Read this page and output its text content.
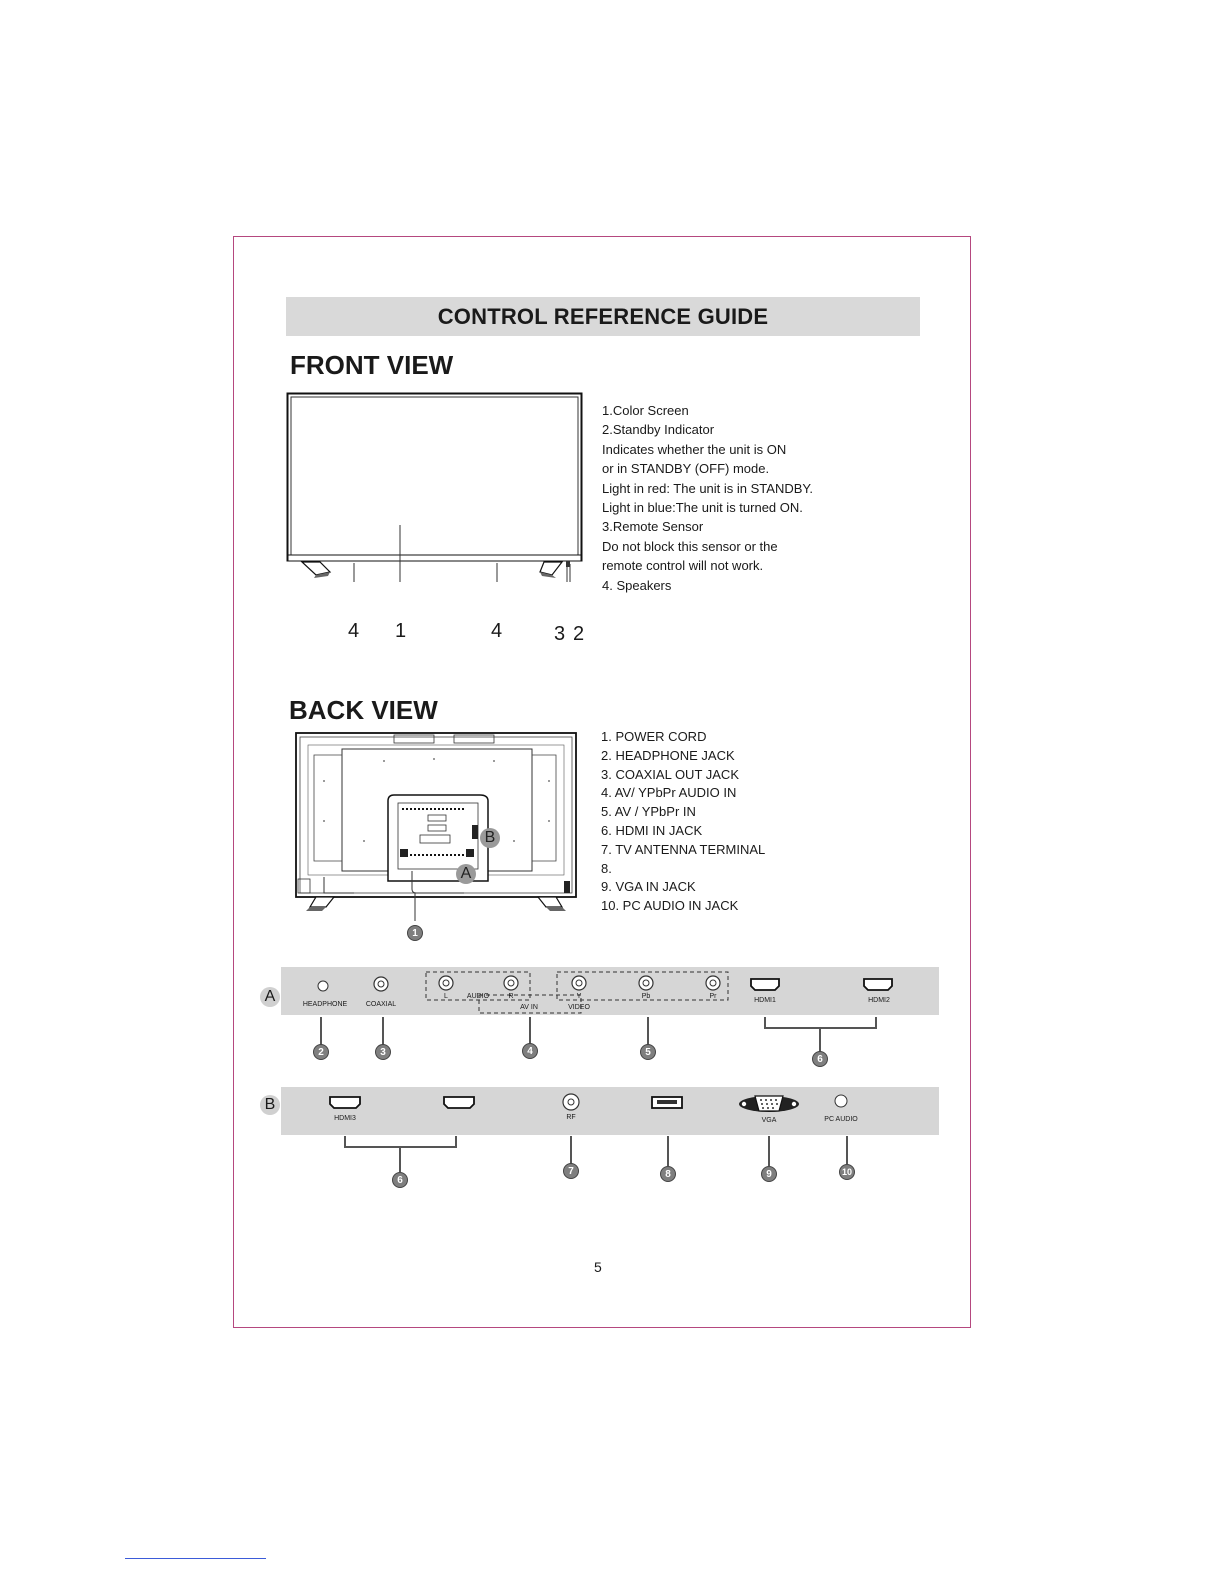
CONTROL REFERENCE GUIDE
FRONT VIEW
4 1	4	3 2
1.Color Screen
2.Standby Indicator
Indicates whether the unit is ON
or in STANDBY (OFF) mode.
Light in red: The unit is in STANDBY.
Light in blue:The unit is turned ON.
3.Remote Sensor
Do not block this sensor or the
remote control will not work.
4. Speakers
BACK VIEW
B
A
1
1. POWER CORD
2. HEADPHONE JACK
3. COAXIAL OUT JACK
4. AV/ YPbPr AUDIO IN
5. AV / YPbPr IN
6. HDMI IN JACK
7. TV ANTENNA TERMINAL
8.
9. VGA IN JACK
10. PC AUDIO IN JACK
A	HEADPHONE	COAXIAL
L	AUDIO	R
AV IN
Y	Pb	Pr
VIDEO
HDMI1	HDMI2
2	3	4	5
6
B
HDMI3	RF	VGA	PC AUDIO
6
7	8	9	10
5
